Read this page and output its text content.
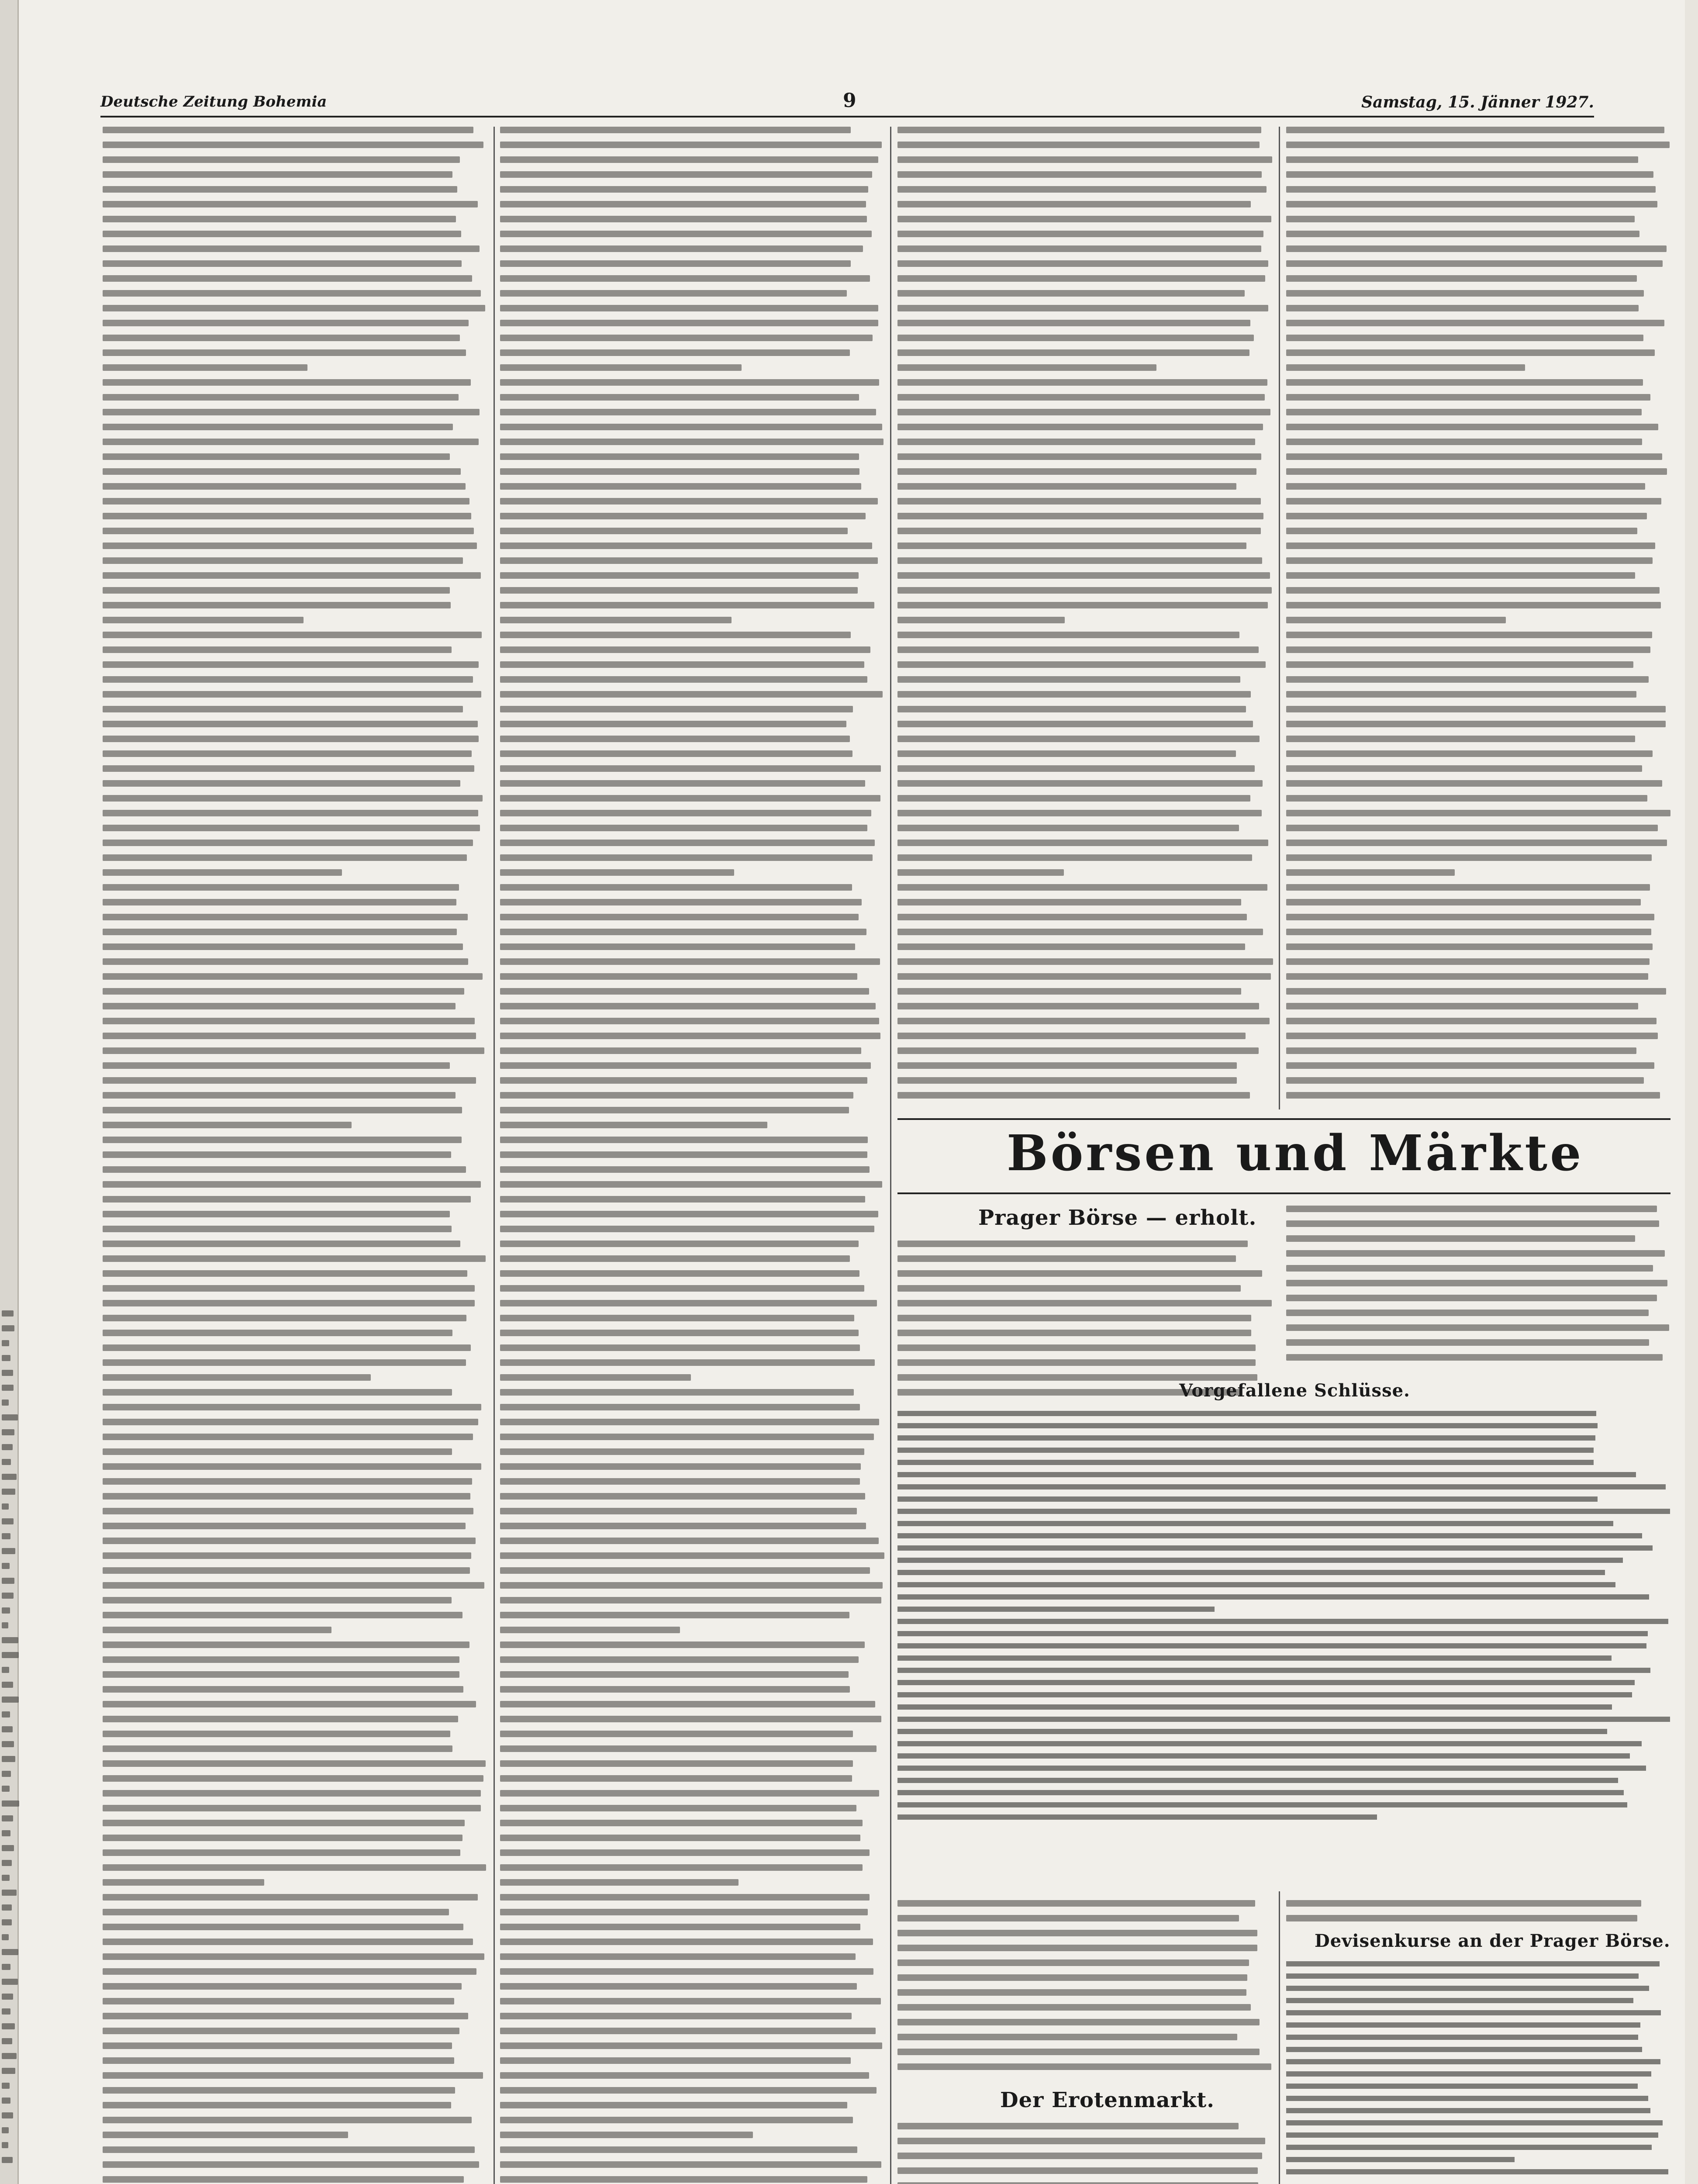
Deutsche Zeitung Bohemia	9	Samstag, 15. Jänner 1927.
Börsen und Märkte
Prager Börse — erholt.
Vorgefallene Schlüsse.
Der Erotenmarkt.
Devisenkurse an der Prager Börse.
